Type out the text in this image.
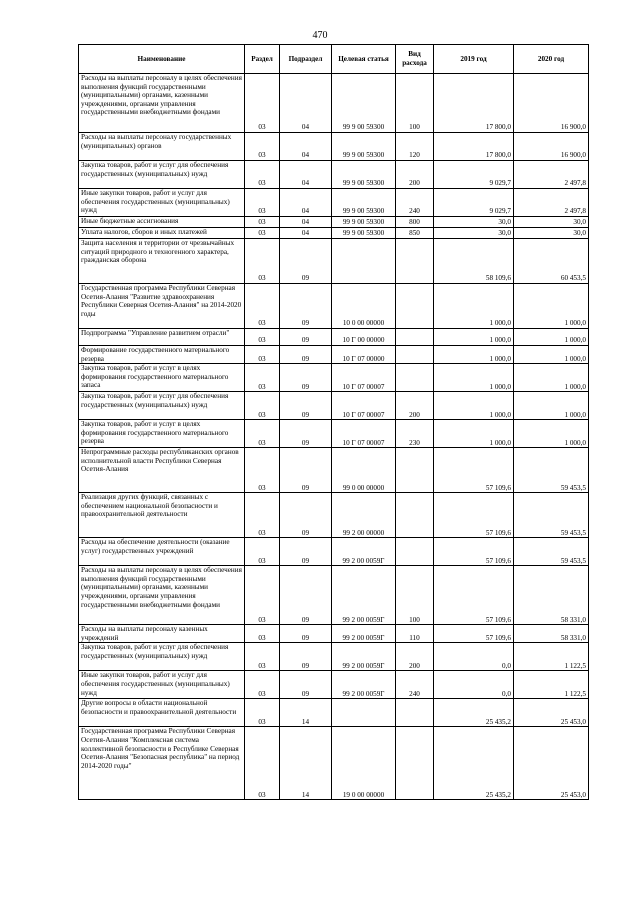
470
Наименование	Раздел	Подраздел	Целевая статья	Вид расхода	2019 год	2020 год
Расходы на выплаты персоналу в целях обеспечения выполнения функций государственными (муниципальными) органами, казенными учреждениями, органами управления государственными внебюджетными фондами	03	04	99 9 00 59300	100	17 800,0	16 900,0
Расходы на выплаты персоналу государственных (муниципальных) органов	03	04	99 9 00 59300	120	17 800,0	16 900,0
Закупка товаров, работ и услуг для обеспечения государственных (муниципальных) нужд	03	04	99 9 00 59300	200	9 029,7	2 497,8
Иные закупки товаров, работ и услуг для обеспечения государственных (муниципальных) нужд	03	04	99 9 00 59300	240	9 029,7	2 497,8
Иные бюджетные ассигнования	03	04	99 9 00 59300	800	30,0	30,0
Уплата налогов, сборов и иных платежей	03	04	99 9 00 59300	850	30,0	30,0
Защита населения и территории от чрезвычайных ситуаций природного и техногенного характера, гражданская оборона	03	09			58 109,6	60 453,5
Государственная программа Республики Северная Осетия-Алания "Развитие здравоохранения Республики Северная Осетия-Алания" на 2014-2020 годы	03	09	10 0 00 00000		1 000,0	1 000,0
Подпрограмма "Управление развитием отрасли"	03	09	10 Г 00 00000		1 000,0	1 000,0
Формирование государственного материального резерва	03	09	10 Г 07 00000		1 000,0	1 000,0
Закупка товаров, работ и услуг в целях формирования государственного материального запаса	03	09	10 Г 07 00007		1 000,0	1 000,0
Закупка товаров, работ и услуг для обеспечения государственных (муниципальных) нужд	03	09	10 Г 07 00007	200	1 000,0	1 000,0
Закупка товаров, работ и услуг в целях формирования государственного материального резерва	03	09	10 Г 07 00007	230	1 000,0	1 000,0
Непрограммные расходы республиканских органов исполнительной власти Республики Северная Осетия-Алания	03	09	99 0 00 00000		57 109,6	59 453,5
Реализация других функций, связанных с обеспечением национальной безопасности и правоохранительной деятельности	03	09	99 2 00 00000		57 109,6	59 453,5
Расходы на обеспечение деятельности (оказание услуг) государственных учреждений	03	09	99 2 00 0059Г		57 109,6	59 453,5
Расходы на выплаты персоналу в целях обеспечения выполнения функций государственными (муниципальными) органами, казенными учреждениями, органами управления государственными внебюджетными фондами	03	09	99 2 00 0059Г	100	57 109,6	58 331,0
Расходы на выплаты персоналу казенных учреждений	03	09	99 2 00 0059Г	110	57 109,6	58 331,0
Закупка товаров, работ и услуг для обеспечения государственных (муниципальных) нужд	03	09	99 2 00 0059Г	200	0,0	1 122,5
Иные закупки товаров, работ и услуг для обеспечения государственных (муниципальных) нужд	03	09	99 2 00 0059Г	240	0,0	1 122,5
Другие вопросы в области национальной безопасности и правоохранительной деятельности	03	14			25 435,2	25 453,0
Государственная программа Республики Северная Осетия-Алания "Комплексная система коллективной безопасности в Республике Северная Осетия-Алания "Безопасная республика" на период 2014-2020 годы"	03	14	19 0 00 00000		25 435,2	25 453,0
